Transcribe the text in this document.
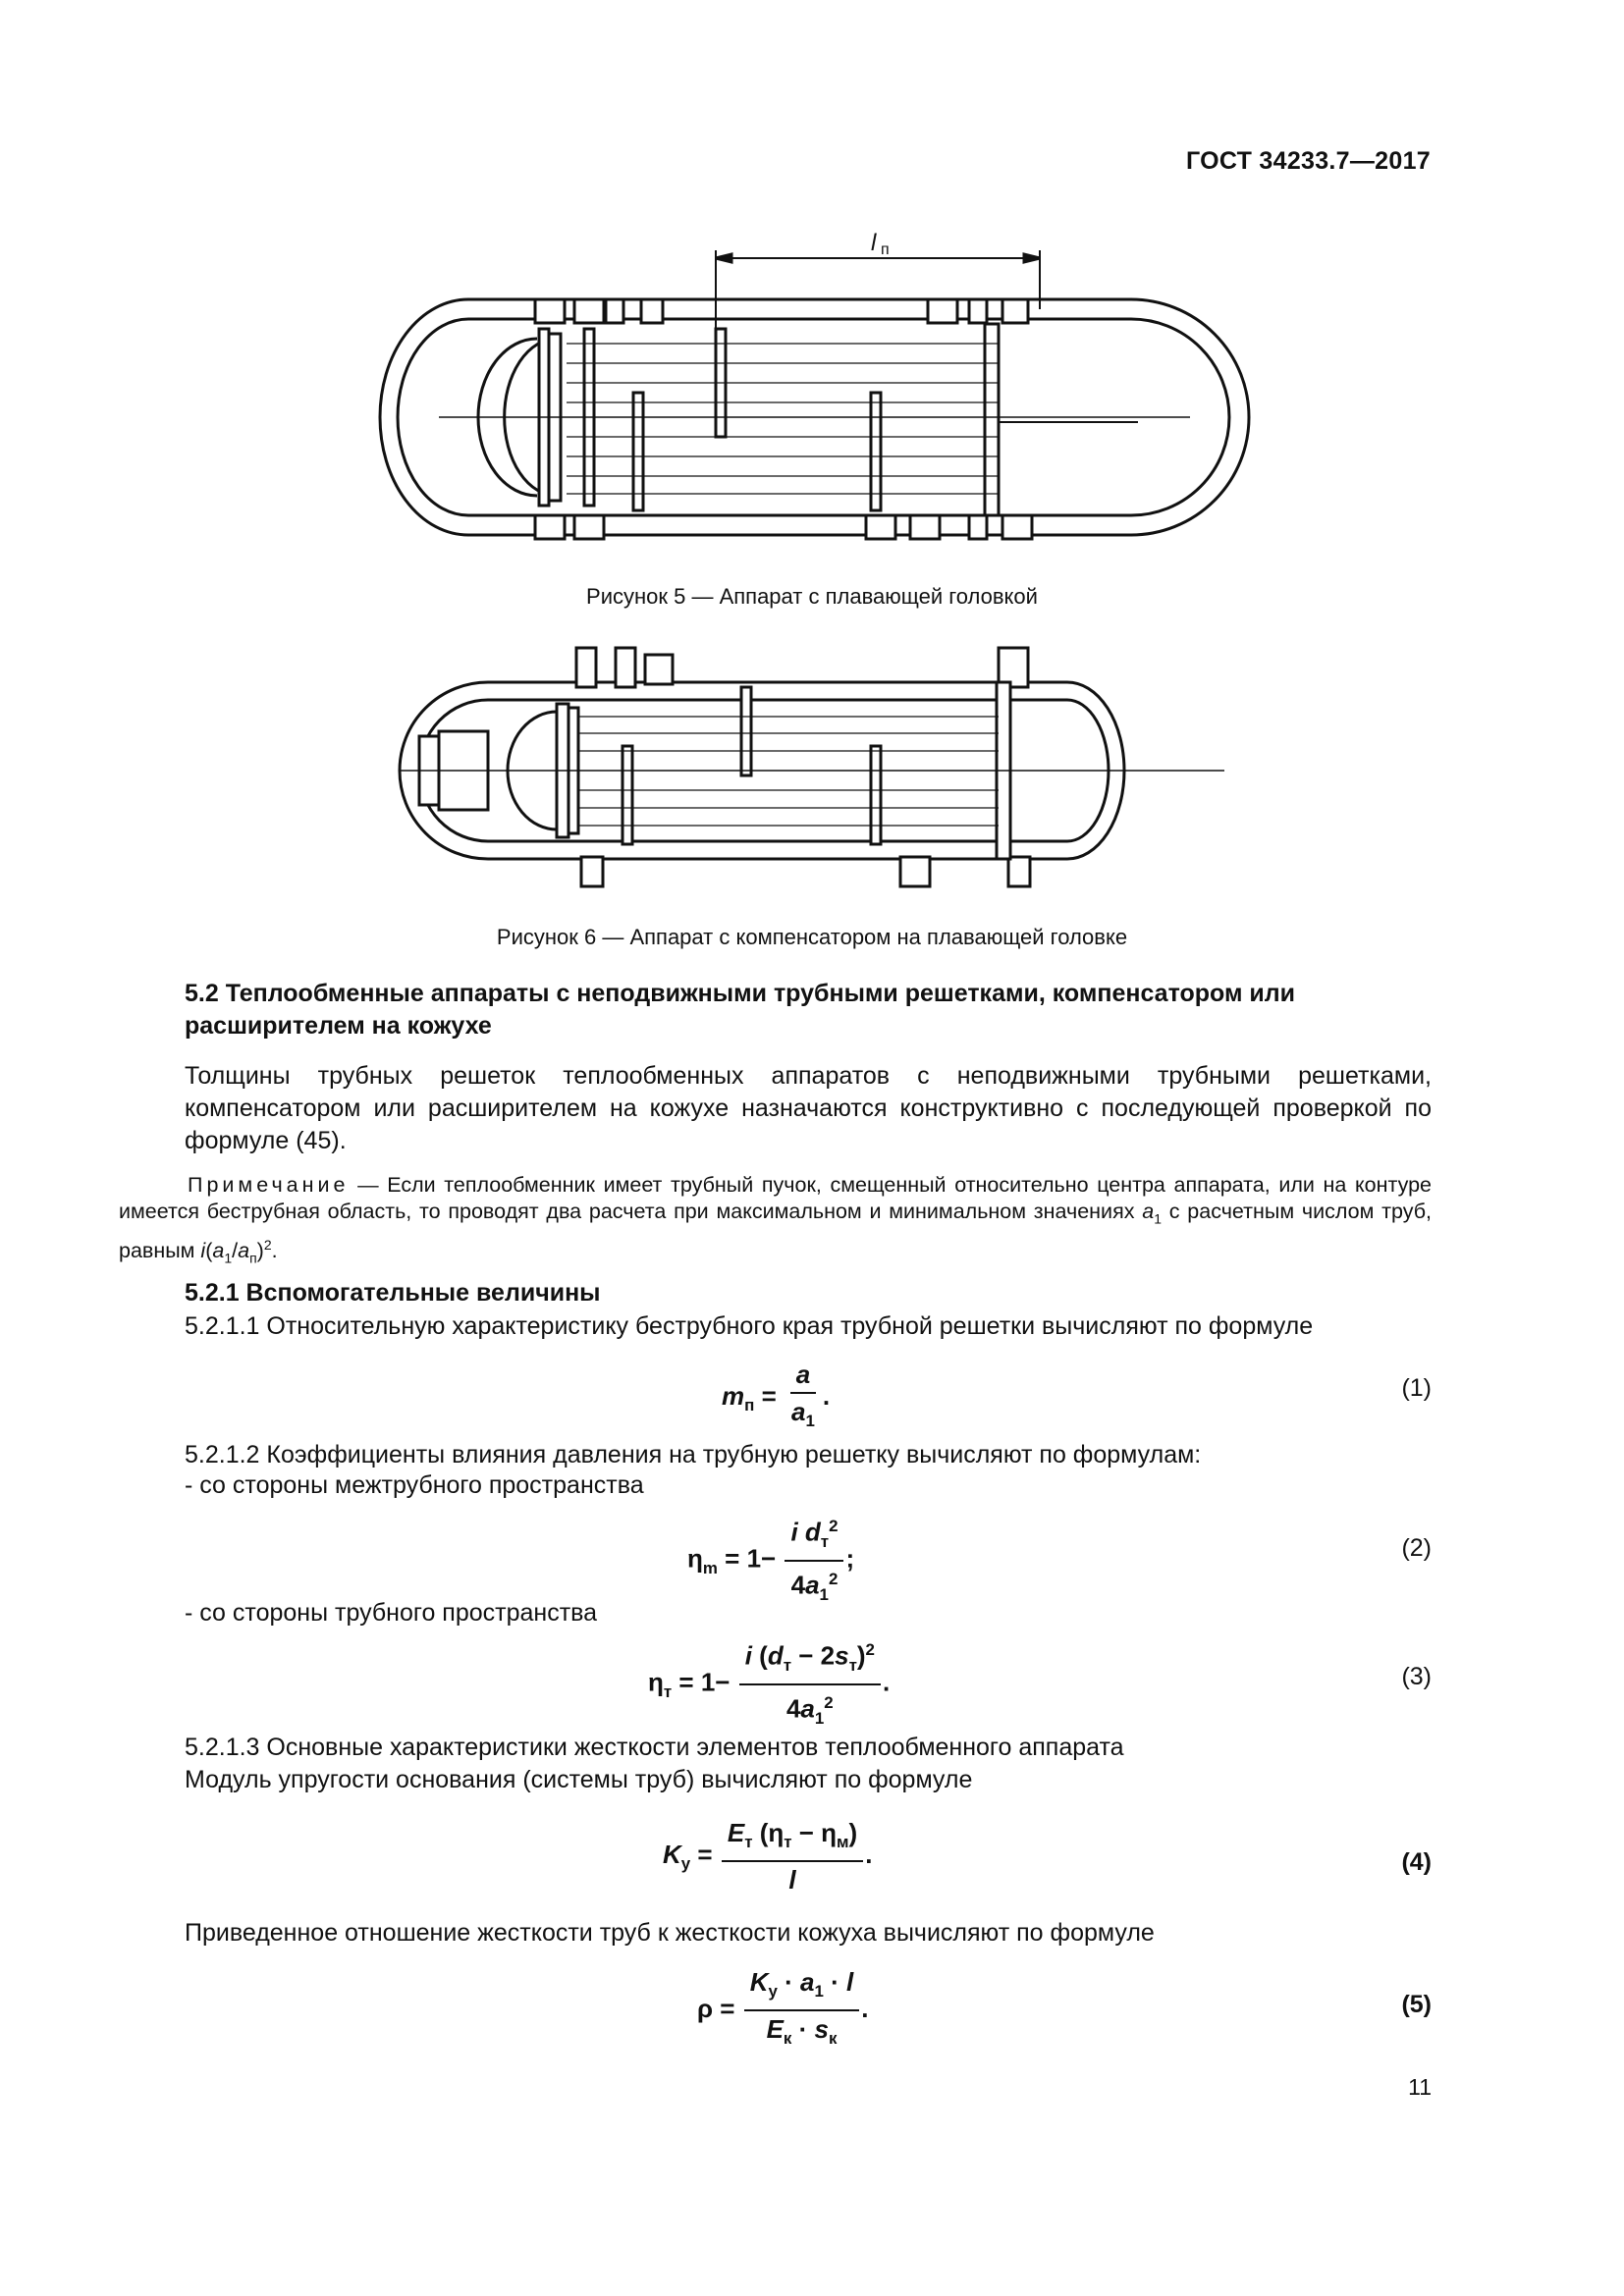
ГОСТ 34233.7—2017
l п
Рисунок 5 — Аппарат с плавающей головкой
Рисунок 6 — Аппарат с компенсатором на плавающей головке
5.2 Теплообменные аппараты с неподвижными трубными решетками, компенсатором или расширителем на кожухе
Толщины трубных решеток теплообменных аппаратов с неподвижными трубными решетками, компенсатором или расширителем на кожухе назначаются конструктивно с последующей проверкой по формуле (45).
Примечание — Если теплообменник имеет трубный пучок, смещенный относительно центра аппарата, или на контуре имеется беструбная область, то проводят два расчета при максимальном и минимальном значениях $a_1$ с расчетным числом труб, равным $i(a_1/a_п)^2$.
5.2.1 Вспомогательные величины
5.2.1.1 Относительную характеристику беструбного края трубной решетки вычисляют по формуле
$m_п = \frac{a}{a_1}$ .	(1)
5.2.1.2 Коэффициенты влияния давления на трубную решетку вычисляют по формулам:
- со стороны межтрубного пространства
$\eta_m = 1- \frac{i d_т^2}{4a_1^2}$ ;	(2)
- со стороны трубного пространства
$\eta_т = 1- \frac{i (d_т - 2s_т)^2}{4a_1^2}$ .	(3)
5.2.1.3 Основные характеристики жесткости элементов теплообменного аппарата
Модуль упругости основания (системы труб) вычисляют по формуле
$K_у = \frac{E_т (\eta_т - \eta_м)}{l}$ .	(4)
Приведенное отношение жесткости труб к жесткости кожуха вычисляют по формуле
$\rho = \frac{K_у \cdot a_1 \cdot l}{E_к \cdot s_к}$ .	(5)
11
